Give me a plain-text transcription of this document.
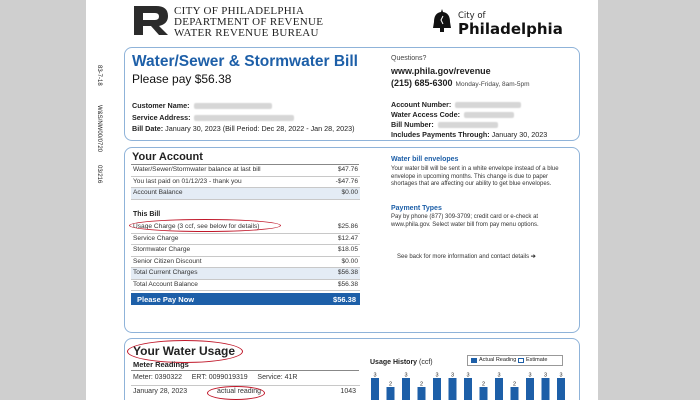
83-7-18
W&S/NW00/0720
03/216
CITY OF PHILADELPHIA
DEPARTMENT OF REVENUE
WATER REVENUE BUREAU
City of
Philadelphia
Water/Sewer & Stormwater Bill
Please pay $56.38
Questions?
www.phila.gov/revenue
(215) 685-6300 Monday-Friday, 8am-5pm
Customer Name:
Service Address:
Bill Date: January 30, 2023 (Bill Period: Dec 28, 2022 - Jan 28, 2023)
Account Number:
Water Access Code:
Bill Number:
Includes Payments Through: January 30, 2023
Your Account
Water/Sewer/Stormwater balance at last bill	$47.76
You last paid on 01/12/23 - thank you	-$47.76
Account Balance	$0.00
This Bill
Usage Charge (3 ccf, see below for details)	$25.86
Service Charge	$12.47
Stormwater Charge	$18.05
Senior Citizen Discount	$0.00
Total Current Charges	$56.38
Total Account Balance	$56.38
Please Pay Now	$56.38
Water bill envelopes
Your water bill will be sent in a white envelope instead of a blue envelope in upcoming months. This change is due to paper shortages that are affecting our ability to get blue envelopes.
Payment Types
Pay by phone (877) 309-3709; credit card or e-check at www.phila.gov. Select water bill from pay menu options.
See back for more information and contact details ➔
Your Water Usage
Meter Readings
Meter: 0390322     ERT: 0099019319     Service: 41R
January 28, 2023	actual reading	1043
Usage History (ccf)	Actual Reading Estimate
3
2
3
2
3 3 3
2
3
2
3 3 3
